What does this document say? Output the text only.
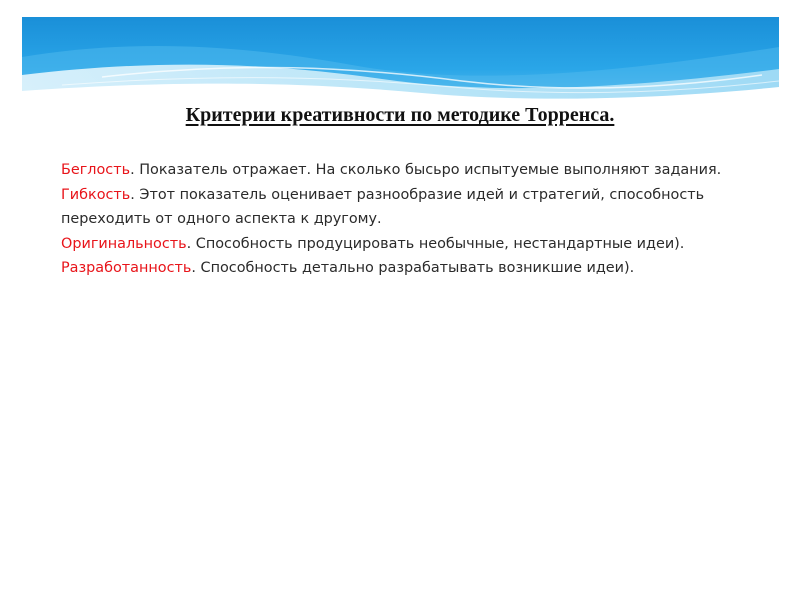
Критерии креативности по методике Торренса.

Беглость. Показатель отражает. На сколько бысьро испытуемые выполняют задания.

Гибкость. Этот показатель оценивает разнообразие идей и стратегий, способность переходить от одного аспекта к другому.

Оригинальность. Способность продуцировать необычные, нестандартные идеи).

Разработанность. Способность детально разрабатывать возникшие идеи).
